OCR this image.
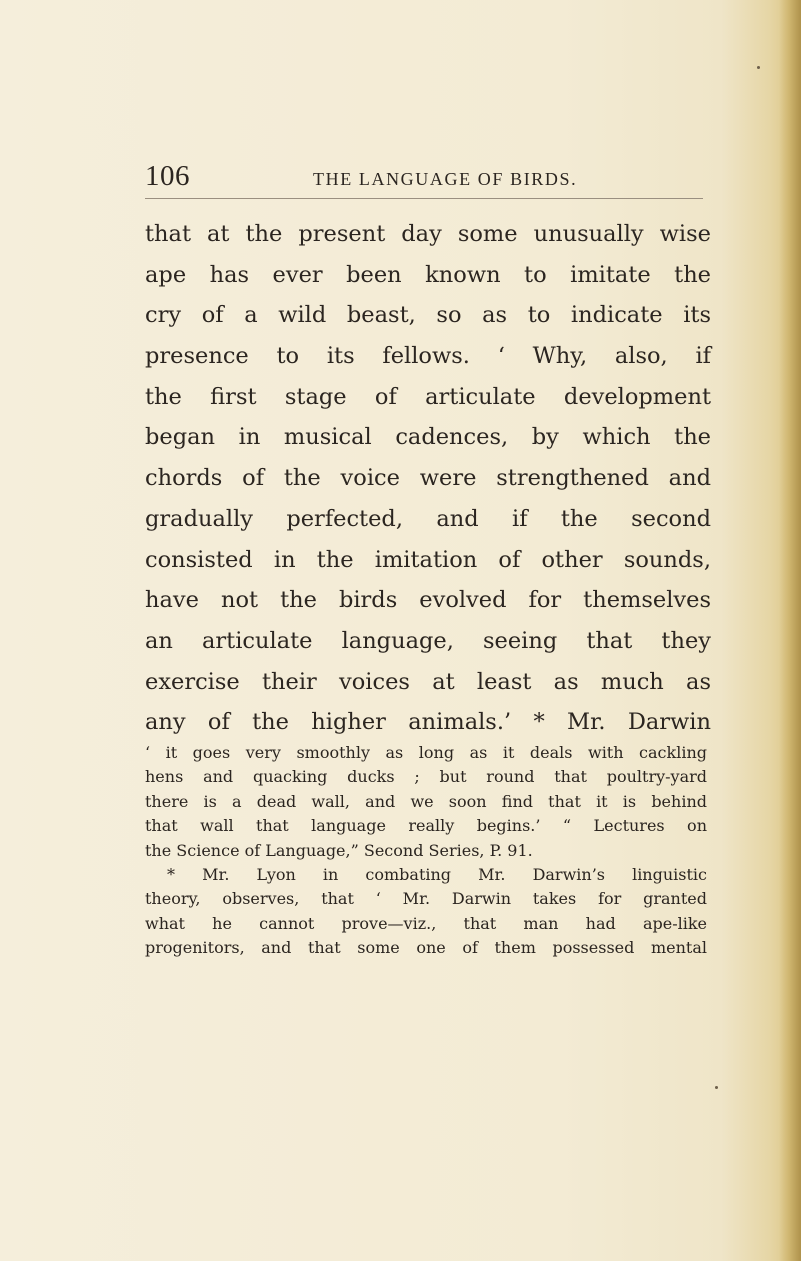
106	THE LANGUAGE OF BIRDS.
that at the present day some unusually wise
ape has ever been known to imitate the
cry of a wild beast, so as to indicate its
presence to its fellows. ‘ Why, also, if
the first stage of articulate development
began in musical cadences, by which the
chords of the voice were strengthened and
gradually perfected, and if the second
consisted in the imitation of other sounds,
have not the birds evolved for themselves
an articulate language, seeing that they
exercise their voices at least as much as
any of the higher animals.’ * Mr. Darwin
‘ it goes very smoothly as long as it deals with cackling
hens and quacking ducks ; but round that poultry-yard
there is a dead wall, and we soon find that it is behind
that wall that language really begins.’ “ Lectures on
the Science of Language,” Second Series, P. 91.
* Mr. Lyon in combating Mr. Darwin’s linguistic
theory, observes, that ‘ Mr. Darwin takes for granted
what he cannot prove—viz., that man had ape-like
progenitors, and that some one of them possessed mental
